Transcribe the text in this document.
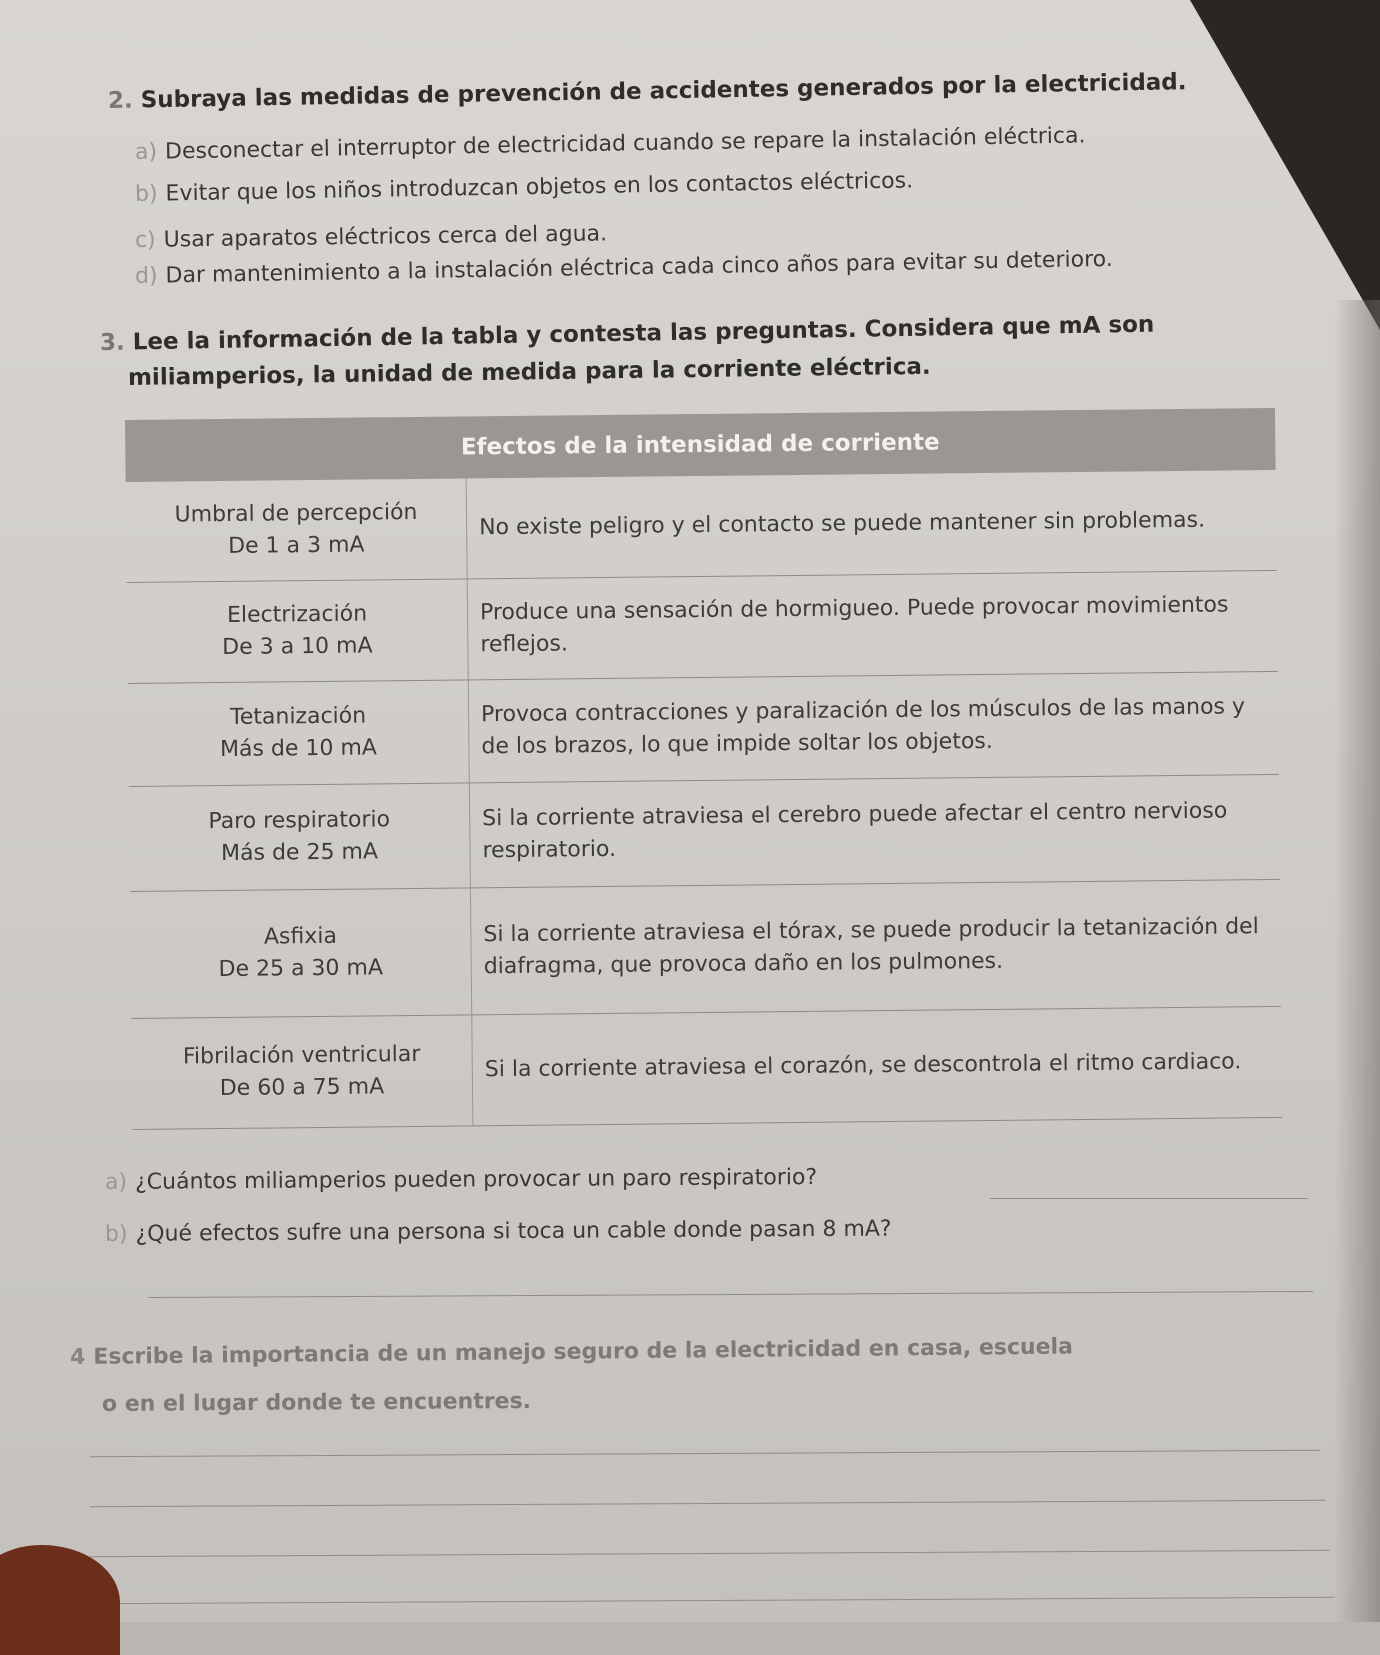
2. Subraya las medidas de prevención de accidentes generados por la electricidad.
a) Desconectar el interruptor de electricidad cuando se repare la instalación eléctrica.
b) Evitar que los niños introduzcan objetos en los contactos eléctricos.
c) Usar aparatos eléctricos cerca del agua.
d) Dar mantenimiento a la instalación eléctrica cada cinco años para evitar su deterioro.
3. Lee la información de la tabla y contesta las preguntas. Considera que mA son
miliamperios, la unidad de medida para la corriente eléctrica.
Efectos de la intensidad de corriente
Umbral de percepción
De 1 a 3 mA
No existe peligro y el contacto se puede mantener sin problemas.
Electrización
De 3 a 10 mA
Produce una sensación de hormigueo. Puede provocar movimientos reflejos.
Tetanización
Más de 10 mA
Provoca contracciones y paralización de los músculos de las manos y de los brazos, lo que impide soltar los objetos.
Paro respiratorio
Más de 25 mA
Si la corriente atraviesa el cerebro puede afectar el centro nervioso respiratorio.
Asfixia
De 25 a 30 mA
Si la corriente atraviesa el tórax, se puede producir la tetanización del diafragma, que provoca daño en los pulmones.
Fibrilación ventricular
De 60 a 75 mA
Si la corriente atraviesa el corazón, se descontrola el ritmo cardiaco.
a) ¿Cuántos miliamperios pueden provocar un paro respiratorio?
b) ¿Qué efectos sufre una persona si toca un cable donde pasan 8 mA?
4 Escribe la importancia de un manejo seguro de la electricidad en casa, escuela
o en el lugar donde te encuentres.
